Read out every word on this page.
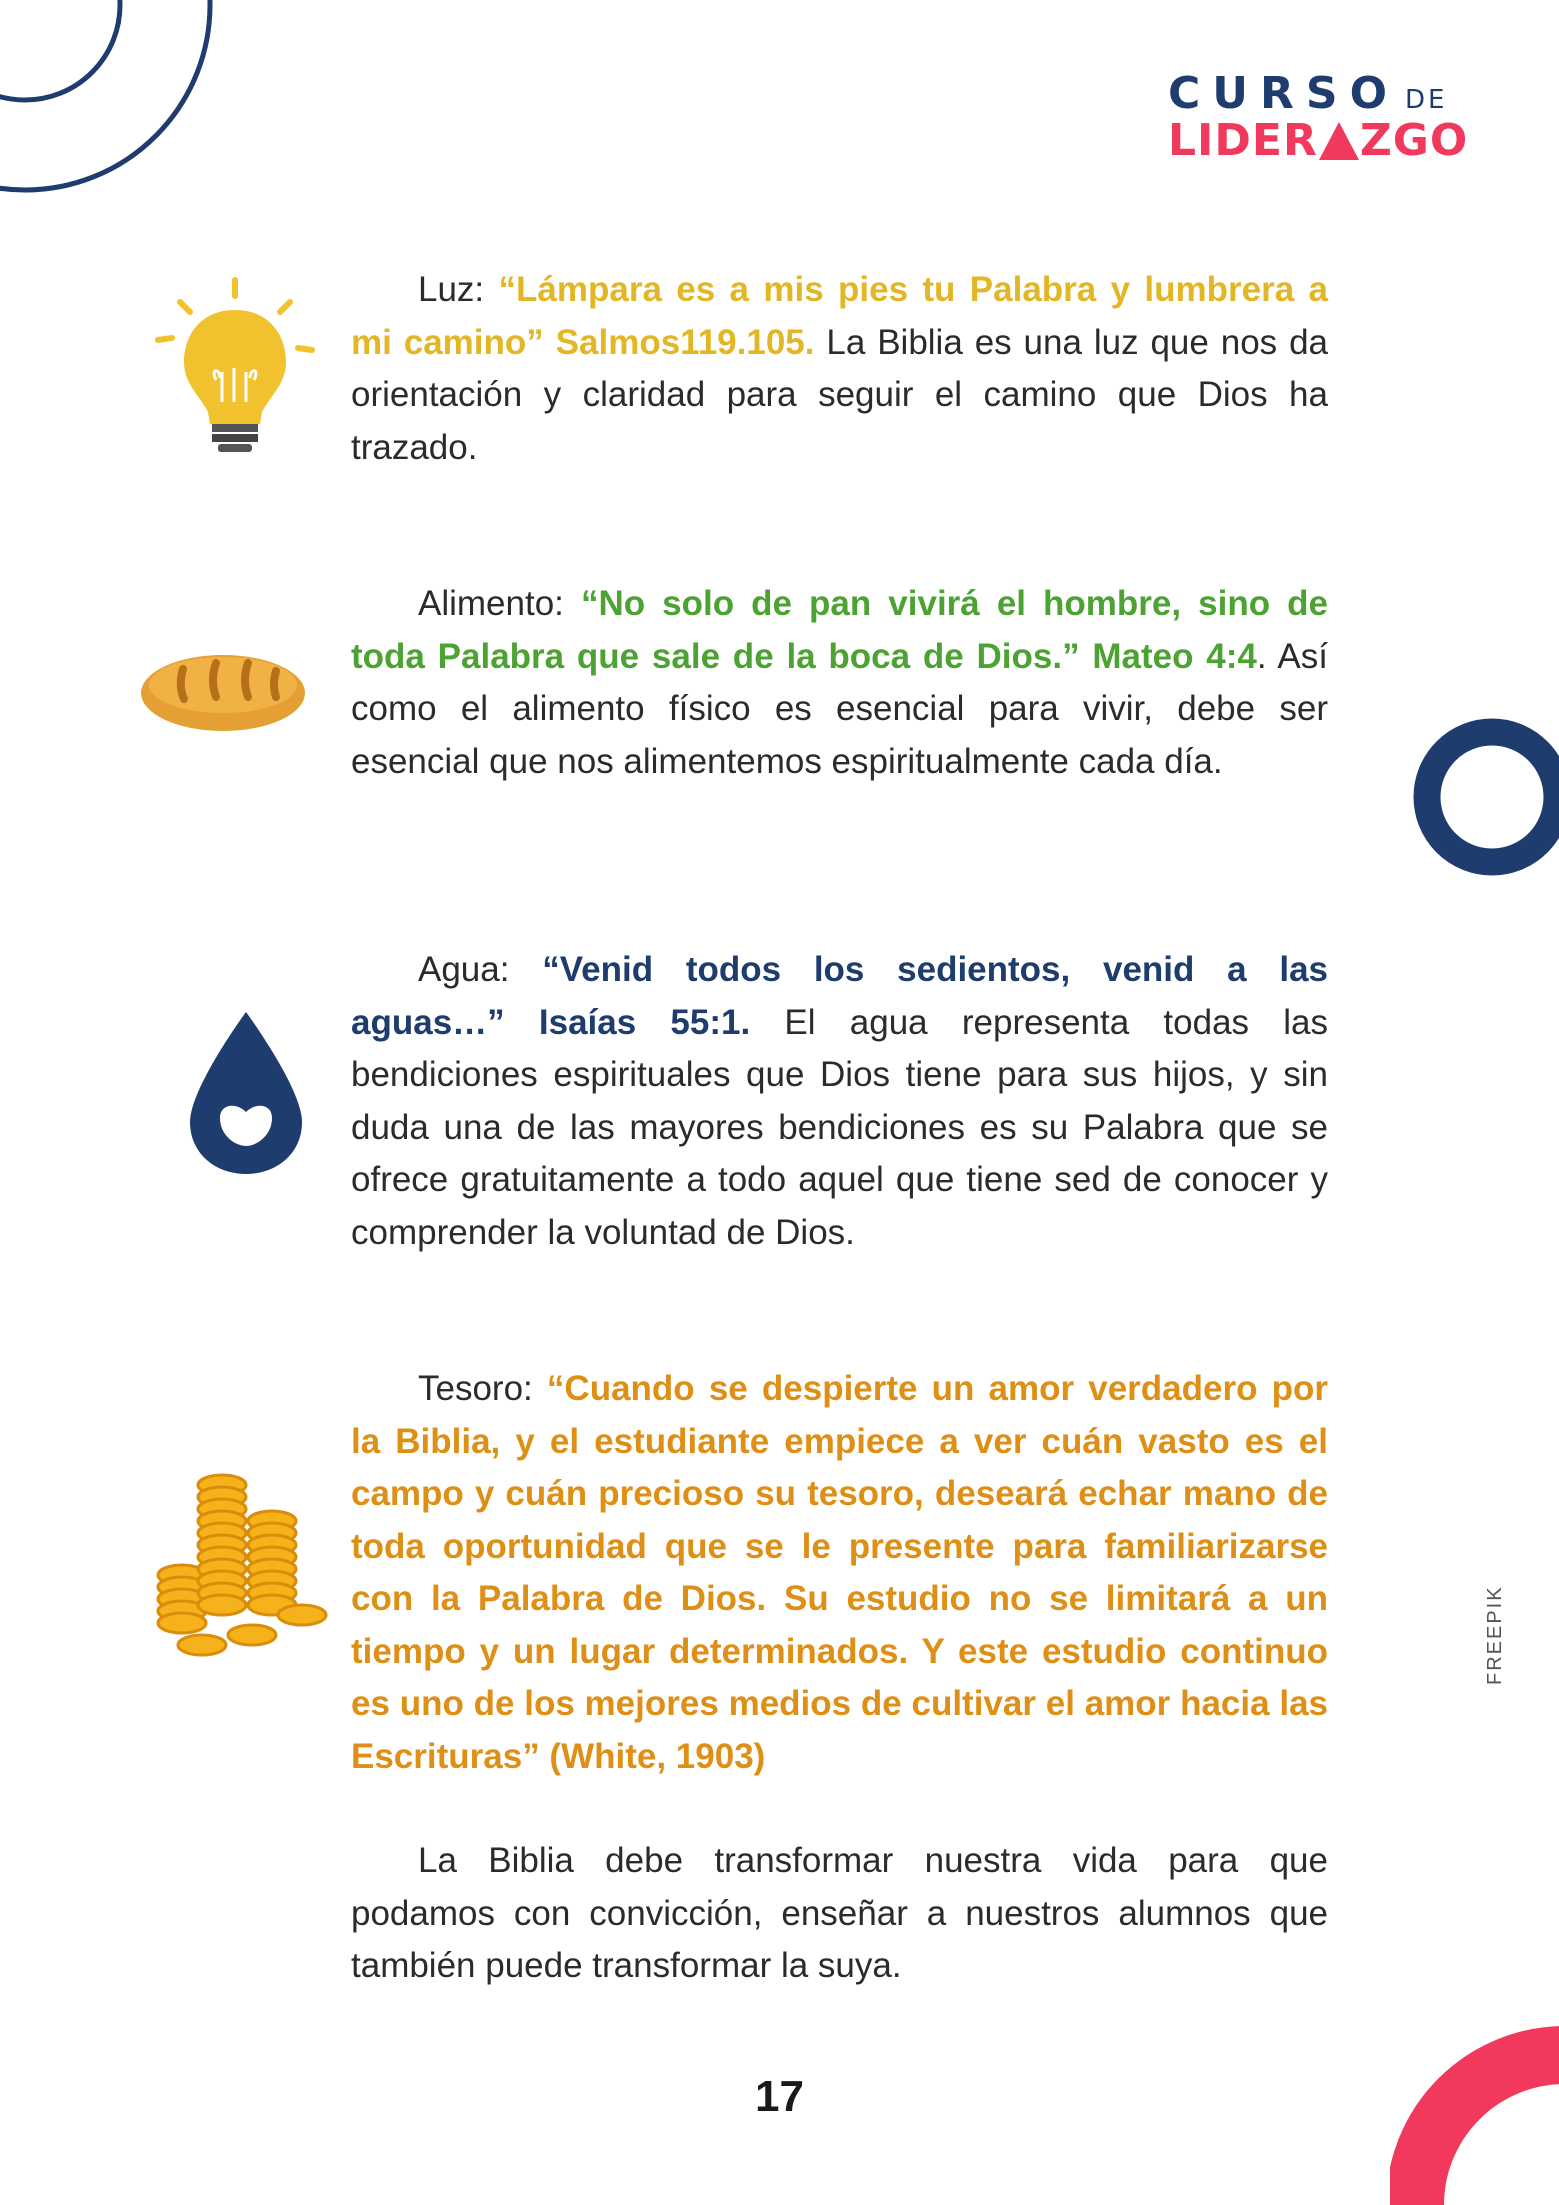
CURSO DE
LIDER ZGO

Luz: “Lámpara es a mis pies tu Palabra y lumbrera a mi camino” Salmos119.105. La Biblia es una luz que nos da orientación y claridad para seguir el camino que Dios ha trazado.

Alimento: “No solo de pan vivirá el hombre, sino de toda Palabra que sale de la boca de Dios.” Mateo 4:4. Así como el alimento físico es esencial para vivir, debe ser esencial que nos alimentemos espiritualmente cada día.

Agua: “Venid todos los sedientos, venid a las aguas…” Isaías 55:1. El agua representa todas las bendiciones espirituales que Dios tiene para sus hijos, y sin duda una de las mayores bendiciones es su Palabra que se ofrece gratuitamente a todo aquel que tiene sed de conocer y comprender la voluntad de Dios.

Tesoro: “Cuando se despierte un amor verdadero por la Biblia, y el estudiante empiece a ver cuán vasto es el campo y cuán precioso su tesoro, deseará echar mano de toda oportunidad que se le presente para familiarizarse con la Palabra de Dios. Su estudio no se limitará a un tiempo y un lugar determinados. Y este estudio continuo es uno de los mejores medios de cultivar el amor hacia las Escrituras” (White, 1903)

La Biblia debe transformar nuestra vida para que podamos con convicción, enseñar a nuestros alumnos que también puede transformar la suya.

FREEPIK
17
